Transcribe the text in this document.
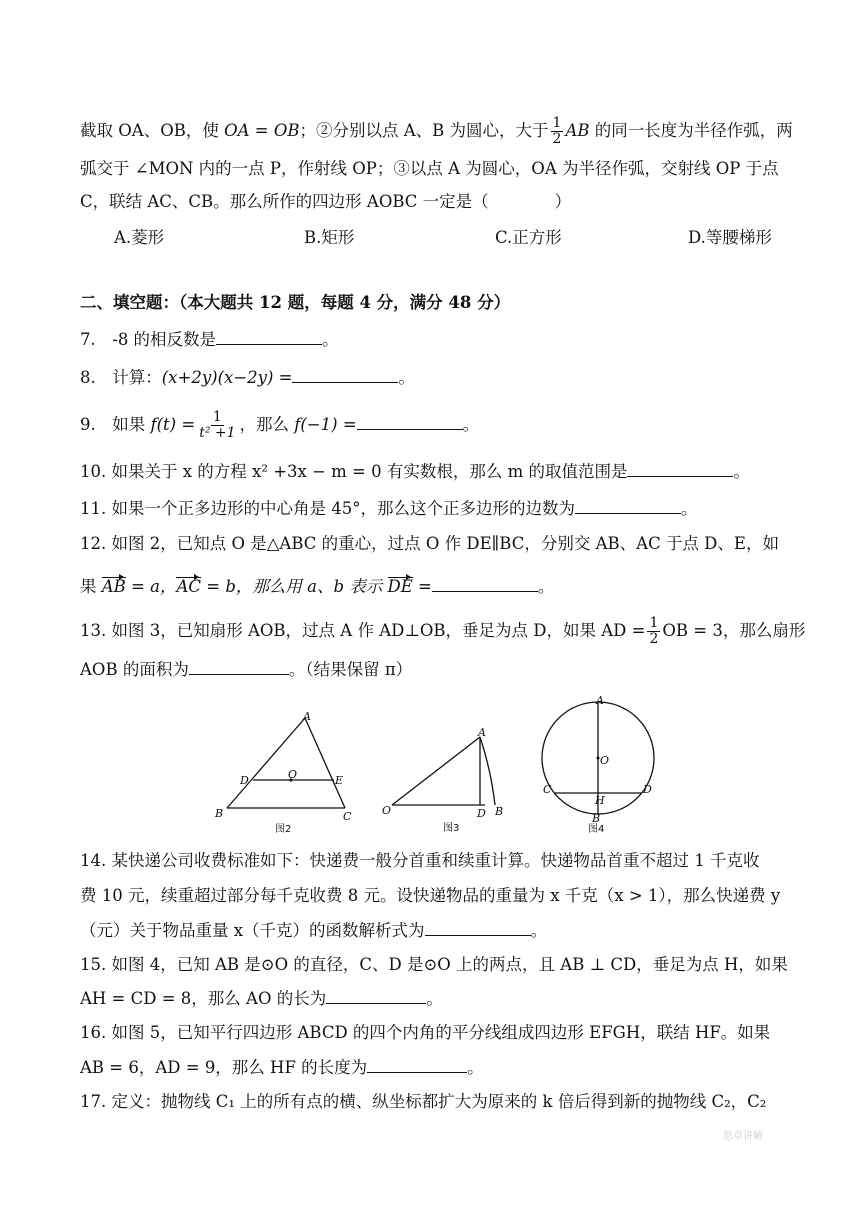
截取 OA、OB，使 OA = OB；②分别以点 A、B 为圆心，大于 $\frac{1}{2}$ AB 的同一长度为半径作弧，两
弧交于 ∠MON 内的一点 P，作射线 OP；③以点 A 为圆心，OA 为半径作弧，交射线 OP 于点
C，联结 AC、CB。那么所作的四边形 AOBC 一定是（　　　　）
A.菱形	B.矩形	C.正方形	D.等腰梯形
二、填空题：（本大题共 12 题，每题 4 分，满分 48 分）
7.　-8 的相反数是	。
8.　计算：(x+2y)(x−2y) =	。
9.　如果 $f(t) = \frac{1}{\text{t² +1}}$ ，那么 f(−1) =	。
10. 如果关于 x 的方程 x² +3x − m = 0 有实数根，那么 m 的取值范围是	。
11. 如果一个正多边形的中心角是 45°，那么这个正多边形的边数为	。
12. 如图 2，已知点 O 是△ABC 的重心，过点 O 作 DE∥BC，分别交 AB、AC 于点 D、E，如
果 AB = a，AC = b，那么用 a、b 表示 DE =	。
13. 如图 3，已知扇形 AOB，过点 A 作 AD⊥OB，垂足为点 D，如果 AD = $\frac{1}{2}$ OB = 3，那么扇形
AOB 的面积为	。（结果保留 π）
A
B	C
D	E
O
图2
A
O	D B
图3
A
B
C	D
O
H
图4
14. 某快递公司收费标准如下：快递费一般分首重和续重计算。快递物品首重不超过 1 千克收
费 10 元，续重超过部分每千克收费 8 元。设快递物品的重量为 x 千克（x > 1），那么快递费 y
（元）关于物品重量 x（千克）的函数解析式为	。
15. 如图 4，已知 AB 是⊙O 的直径，C、D 是⊙O 上的两点，且 AB ⊥ CD，垂足为点 H，如果
AH = CD = 8，那么 AO 的长为	。
16. 如图 5，已知平行四边形 ABCD 的四个内角的平分线组成四边形 EFGH，联结 HF。如果
AB = 6，AD = 9，那么 HF 的长度为	。
17. 定义：抛物线 C₁ 上的所有点的横、纵坐标都扩大为原来的 k 倍后得到新的抛物线 C₂，C₂
思卓讲解
